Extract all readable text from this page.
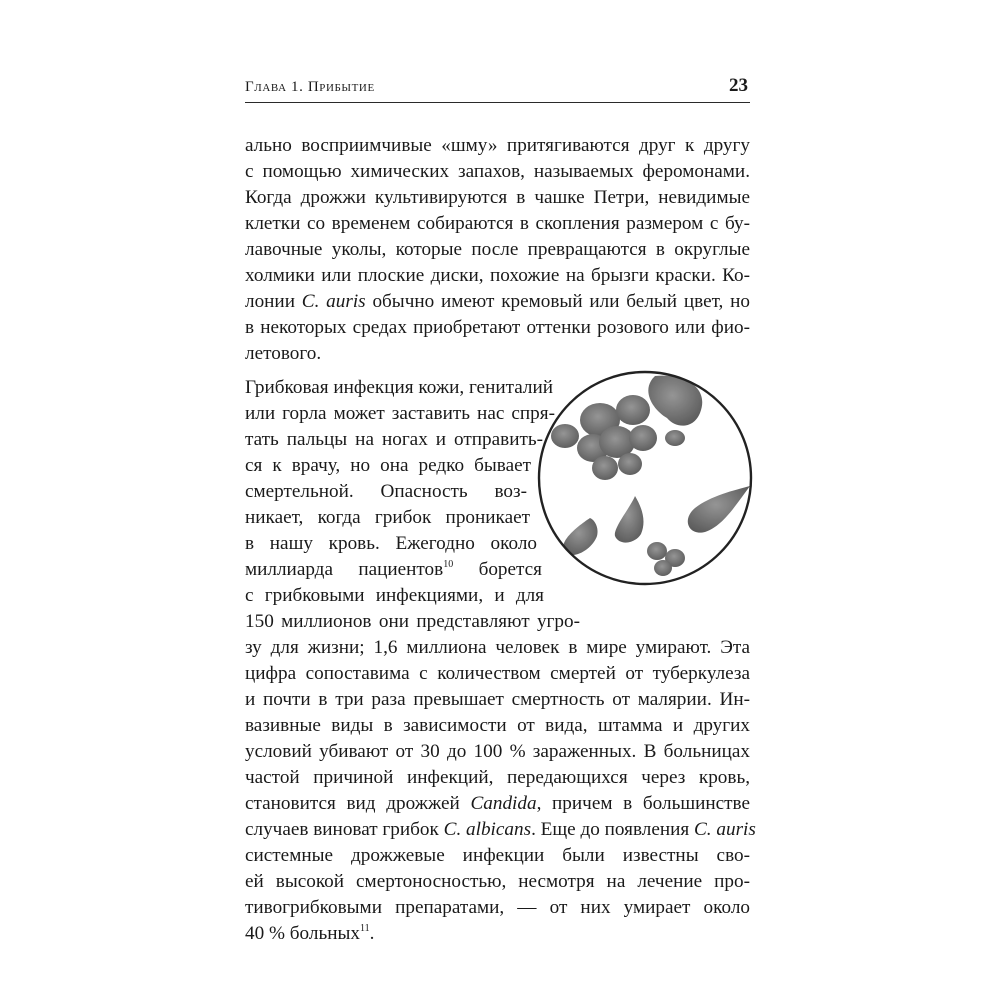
Глава 1. Прибытие	23
ально восприимчивые «шму» притягиваются друг к другу
с помощью химических запахов, называемых феромонами.
Когда дрожжи культивируются в чашке Петри, невидимые
клетки со временем собираются в скопления размером с бу-
лавочные уколы, которые после превращаются в округлые
холмики или плоские диски, похожие на брызги краски. Ко-
лонии C. auris обычно имеют кремовый или белый цвет, но
в некоторых средах приобретают оттенки розового или фио-
летового.
Грибковая инфекция кожи, гениталий
или горла может заставить нас спря-
тать пальцы на ногах и отправить-
ся к врачу, но она редко бывает
смертельной. Опасность воз-
никает, когда грибок проникает
в нашу кровь. Ежегодно около
миллиарда пациентов$^{10}$ борется
с грибковыми инфекциями, и для
150 миллионов они представляют угро-
зу для жизни; 1,6 миллиона человек в мире умирают. Эта
цифра сопоставима с количеством смертей от туберкулеза
и почти в три раза превышает смертность от малярии. Ин-
вазивные виды в зависимости от вида, штамма и других
условий убивают от 30 до 100 % зараженных. В больницах
частой причиной инфекций, передающихся через кровь,
становится вид дрожжей Candida, причем в большинстве
случаев виноват грибок C. albicans. Еще до появления C. auris
системные дрожжевые инфекции были известны сво-
ей высокой смертоносностью, несмотря на лечение про-
тивогрибковыми препаратами, — от них умирает около
40 % больных$^{11}$.
